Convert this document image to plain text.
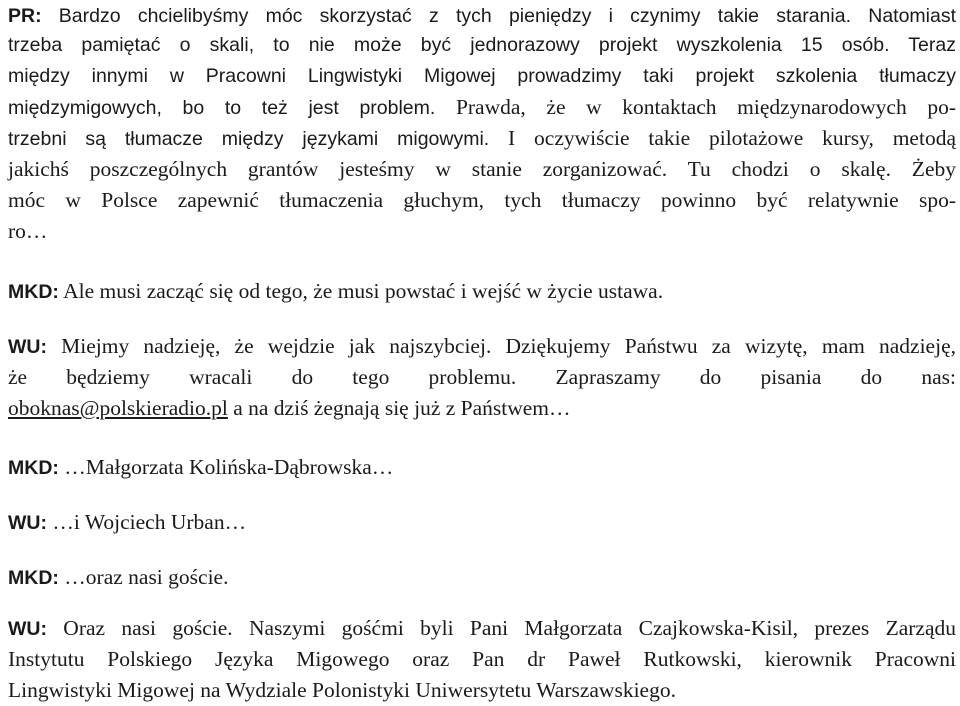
PR: Bardzo chcielibyśmy móc skorzystać z tych pieniędzy i czynimy takie starania. Natomiast
trzeba pamiętać o skali, to nie może być jednorazowy projekt wyszkolenia 15 osób. Teraz
między innymi w Pracowni Lingwistyki Migowej prowadzimy taki projekt szkolenia tłumaczy
międzymigowych, bo to też jest problem. Prawda, że w kontaktach międzynarodowych po-
trzebni są tłumacze między językami migowymi. I oczywiście takie pilotażowe kursy, metodą
jakichś poszczególnych grantów jesteśmy w stanie zorganizować. Tu chodzi o skalę. Żeby
móc w Polsce zapewnić tłumaczenia głuchym, tych tłumaczy powinno być relatywnie spo-
ro…
MKD: Ale musi zacząć się od tego, że musi powstać i wejść w życie ustawa.
WU: Miejmy nadzieję, że wejdzie jak najszybciej. Dziękujemy Państwu za wizytę, mam nadzieję,
że będziemy wracali do tego problemu. Zapraszamy do pisania do nas:
oboknas@polskieradio.pl a na dziś żegnają się już z Państwem…
MKD: …Małgorzata Kolińska-Dąbrowska…
WU: …i Wojciech Urban…
MKD: …oraz nasi goście.
WU: Oraz nasi goście. Naszymi gośćmi byli Pani Małgorzata Czajkowska-Kisil, prezes Zarządu
Instytutu Polskiego Języka Migowego oraz Pan dr Paweł Rutkowski, kierownik Pracowni
Lingwistyki Migowej na Wydziale Polonistyki Uniwersytetu Warszawskiego.
